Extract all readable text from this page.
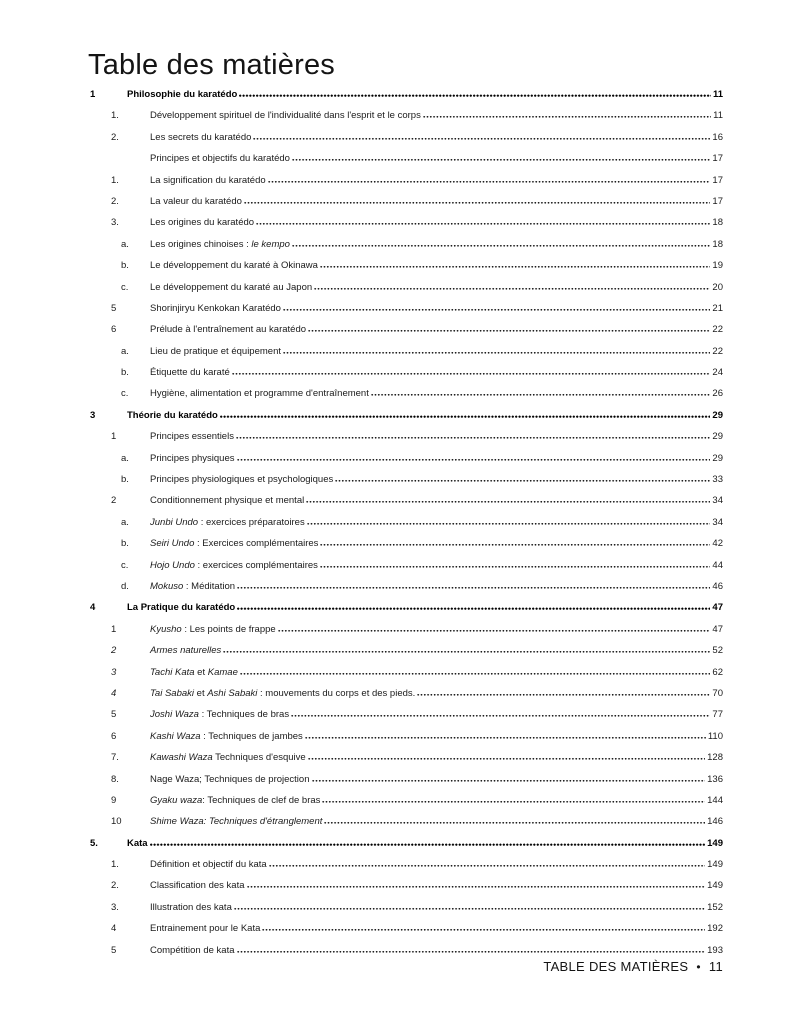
Table des matières
1	Philosophie du karatédo	11
1.	Développement spirituel de l'individualité dans l'esprit et le corps	11
2.	Les secrets du karatédo	16
Principes et objectifs du karatédo	17
1.	La signification du karatédo	17
2.	La valeur du karatédo	17
3.	Les origines du karatédo	18
a.	Les origines chinoises : le kempo	18
b.	Le développement du karaté à Okinawa	19
c.	Le développement du karaté au Japon	20
5	Shorinjiryu Kenkokan Karatédo	21
6	Prélude à l'entraînement au karatédo	22
a.	Lieu de pratique et équipement	22
b.	Étiquette du karaté	24
c.	Hygiène, alimentation et programme d'entraînement	26
3	Théorie du karatédo	29
1	Principes essentiels	29
a.	Principes physiques	29
b.	Principes physiologiques et psychologiques	33
2	Conditionnement physique et mental	34
a.	Junbi Undo : exercices préparatoires	34
b.	Seiri Undo : Exercices complémentaires	42
c.	Hojo Undo : exercices complémentaires	44
d.	Mokuso : Méditation	46
4	La Pratique du karatédo	47
1	Kyusho : Les points de frappe	47
2	Armes naturelles	52
3	Tachi Kata et Kamae	62
4	Tai Sabaki et Ashi Sabaki : mouvements du corps et des pieds.	70
5	Joshi Waza : Techniques de bras	77
6	Kashi Waza : Techniques de jambes	110
7.	Kawashi Waza Techniques d'esquive	128
8.	Nage Waza; Techniques de projection	136
9	Gyaku waza: Techniques de clef de bras	144
10	Shime Waza: Techniques d'étranglement	146
5.	Kata	149
1.	Définition et objectif du kata	149
2.	Classification des kata	149
3.	Illustration des kata	152
4	Entrainement pour le Kata	192
5	Compétition de kata	193
TABLE DES MATIÈRES • 11
